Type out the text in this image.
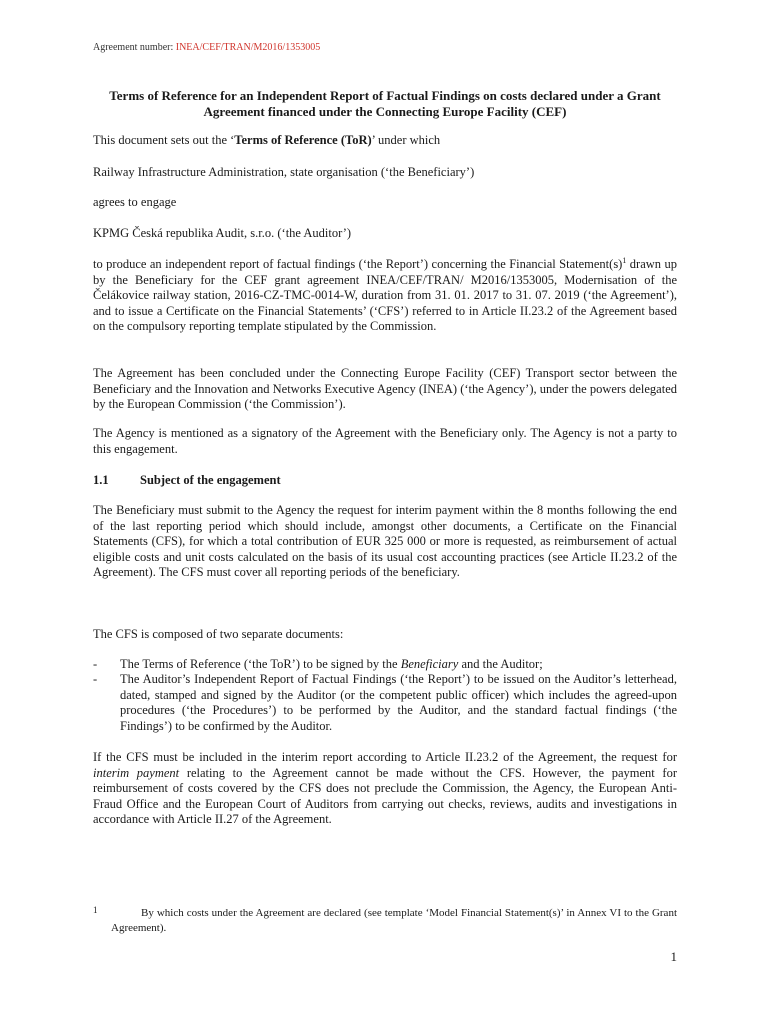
Agreement number: INEA/CEF/TRAN/M2016/1353005
Terms of Reference for an Independent Report of Factual Findings on costs declared under a Grant Agreement financed under the Connecting Europe Facility (CEF)

This document sets out the ‘Terms of Reference (ToR)’ under which

Railway Infrastructure Administration, state organisation (‘the Beneficiary’)

agrees to engage

KPMG Česká republika Audit, s.r.o. (‘the Auditor’)

to produce an independent report of factual findings (‘the Report’) concerning the Financial $Statement(s)^1$ drawn up by the Beneficiary for the CEF grant agreement INEA/CEF/TRAN/ M2016/1353005, Modernisation of the Čelákovice railway station, 2016-CZ-TMC-0014-W, duration from 31. 01. 2017 to 31. 07. 2019 (‘the Agreement’), and to issue a Certificate on the Financial Statements’ (‘CFS’) referred to in Article II.23.2 of the Agreement based on the compulsory reporting template stipulated by the Commission.

The Agreement has been concluded under the Connecting Europe Facility (CEF) Transport sector between the Beneficiary and the Innovation and Networks Executive Agency (INEA) (‘the Agency’), under the powers delegated by the European Commission (‘the Commission’).

The Agency is mentioned as a signatory of the Agreement with the Beneficiary only. The Agency is not a party to this engagement.

1.1	Subject of the engagement

The Beneficiary must submit to the Agency the request for interim payment within the 8 months following the end of the last reporting period which should include, amongst other documents, a Certificate on the Financial Statements (CFS), for which a total contribution of EUR 325 000 or more is requested, as reimbursement of actual eligible costs and unit costs calculated on the basis of its usual cost accounting practices (see Article II.23.2 of the Agreement). The CFS must cover all reporting periods of the beneficiary.

The CFS is composed of two separate documents:

- The Terms of Reference (‘the ToR’) to be signed by the Beneficiary and the Auditor;
- The Auditor’s Independent Report of Factual Findings (‘the Report’) to be issued on the Auditor’s letterhead, dated, stamped and signed by the Auditor (or the competent public officer) which includes the agreed-upon procedures (‘the Procedures’) to be performed by the Auditor, and the standard factual findings (‘the Findings’) to be confirmed by the Auditor.

If the CFS must be included in the interim report according to Article II.23.2 of the Agreement, the request for interim payment relating to the Agreement cannot be made without the CFS. However, the payment for reimbursement of costs covered by the CFS does not preclude the Commission, the Agency, the European Anti-Fraud Office and the European Court of Auditors from carrying out checks, reviews, audits and investigations in accordance with Article II.27 of the Agreement.

1	By which costs under the Agreement are declared (see template ‘Model Financial Statement(s)’ in Annex VI to the Grant Agreement).
1
